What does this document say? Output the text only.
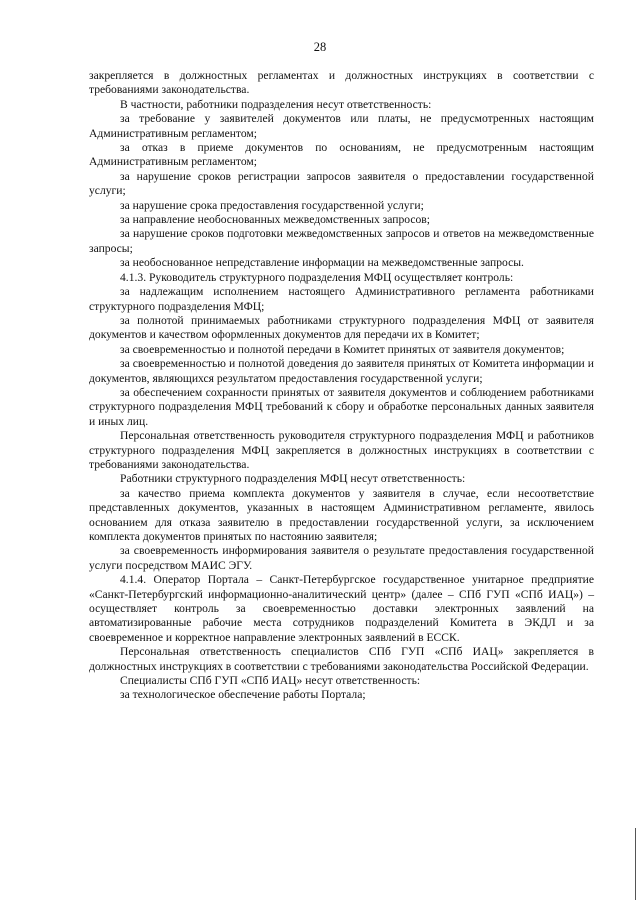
28

закрепляется в должностных регламентах и должностных инструкциях в соответствии с требованиями законодательства.

В частности, работники подразделения несут ответственность:

за требование у заявителей документов или платы, не предусмотренных настоящим Административным регламентом;

за отказ в приеме документов по основаниям, не предусмотренным настоящим Административным регламентом;

за нарушение сроков регистрации запросов заявителя о предоставлении государственной услуги;

за нарушение срока предоставления государственной услуги;

за направление необоснованных межведомственных запросов;

за нарушение сроков подготовки межведомственных запросов и ответов на межведомственные запросы;

за необоснованное непредставление информации на межведомственные запросы.

4.1.3. Руководитель структурного подразделения МФЦ осуществляет контроль:

за надлежащим исполнением настоящего Административного регламента работниками структурного подразделения МФЦ;

за полнотой принимаемых работниками структурного подразделения МФЦ от заявителя документов и качеством оформленных документов для передачи их в Комитет;

за своевременностью и полнотой передачи в Комитет принятых от заявителя документов;

за своевременностью и полнотой доведения до заявителя принятых от Комитета информации и документов, являющихся результатом предоставления государственной услуги;

за обеспечением сохранности принятых от заявителя документов и соблюдением работниками структурного подразделения МФЦ требований к сбору и обработке персональных данных заявителя и иных лиц.

Персональная ответственность руководителя структурного подразделения МФЦ и работников структурного подразделения МФЦ закрепляется в должностных инструкциях в соответствии с требованиями законодательства.

Работники структурного подразделения МФЦ несут ответственность:

за качество приема комплекта документов у заявителя в случае, если несоответствие представленных документов, указанных в настоящем Административном регламенте, явилось основанием для отказа заявителю в предоставлении государственной услуги, за исключением комплекта документов принятых по настоянию заявителя;

за своевременность информирования заявителя о результате предоставления государственной услуги посредством МАИС ЭГУ.

4.1.4. Оператор Портала – Санкт-Петербургское государственное унитарное предприятие «Санкт-Петербургский информационно-аналитический центр» (далее – СПб ГУП «СПб ИАЦ») – осуществляет контроль за своевременностью доставки электронных заявлений на автоматизированные рабочие места сотрудников подразделений Комитета в ЭКДЛ и за своевременное и корректное направление электронных заявлений в ЕССК.

Персональная ответственность специалистов СПб ГУП «СПб ИАЦ» закрепляется в должностных инструкциях в соответствии с требованиями законодательства Российской Федерации.

Специалисты СПб ГУП «СПб ИАЦ» несут ответственность:

за технологическое обеспечение работы Портала;
